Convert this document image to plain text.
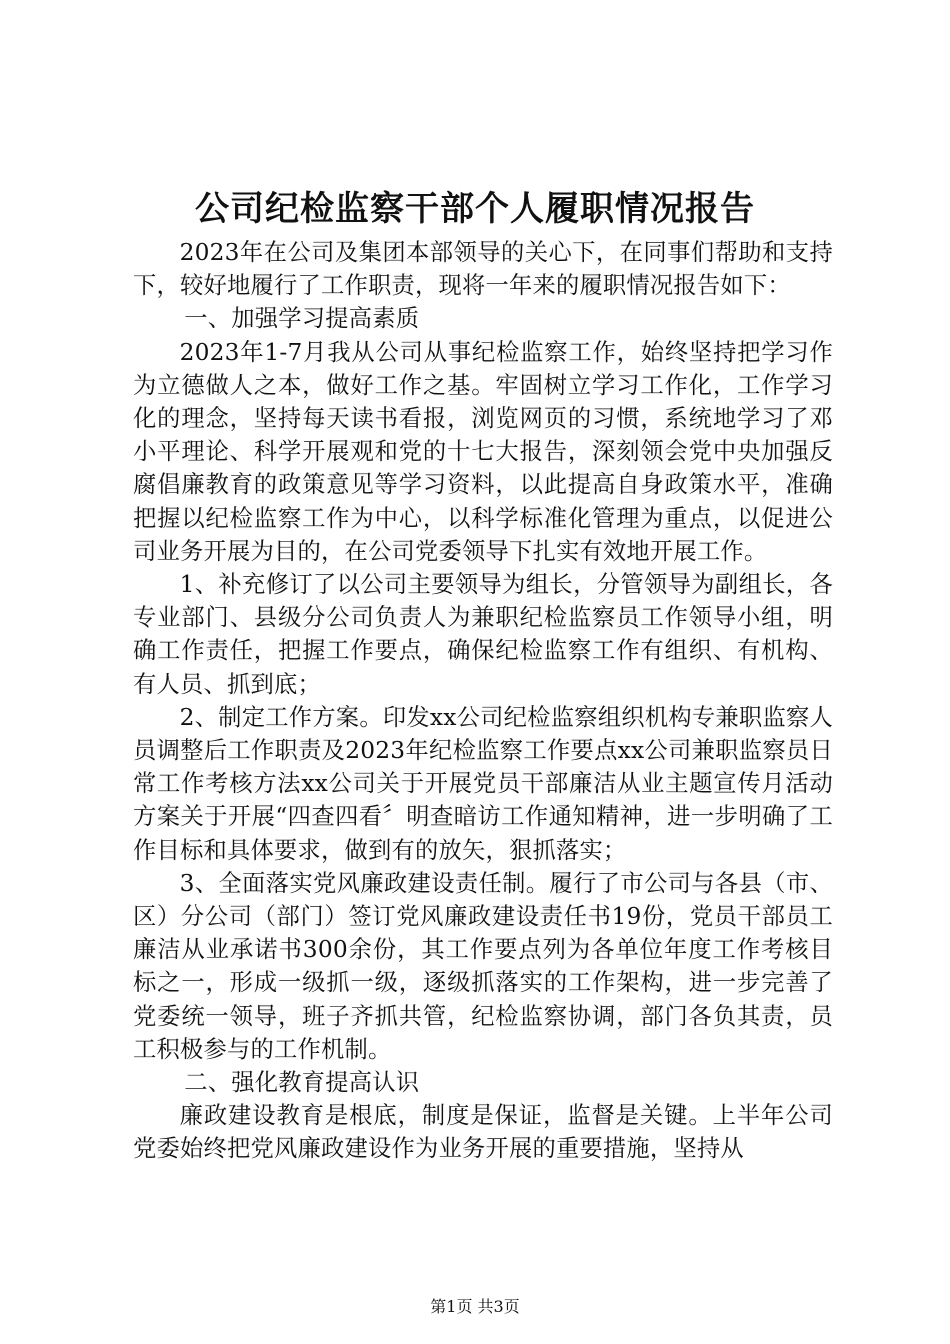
公司纪检监察干部个人履职情况报告

2023年在公司及集团本部领导的关心下，在同事们帮助和支持下，较好地履行了工作职责，现将一年来的履职情况报告如下：

一、加强学习提高素质

2023年1-7月我从公司从事纪检监察工作，始终坚持把学习作为立德做人之本，做好工作之基。牢固树立学习工作化，工作学习化的理念，坚持每天读书看报，浏览网页的习惯，系统地学习了邓小平理论、科学开展观和党的十七大报告，深刻领会党中央加强反腐倡廉教育的政策意见等学习资料，以此提高自身政策水平，准确把握以纪检监察工作为中心，以科学标准化管理为重点，以促进公司业务开展为目的，在公司党委领导下扎实有效地开展工作。

1、补充修订了以公司主要领导为组长，分管领导为副组长，各专业部门、县级分公司负责人为兼职纪检监察员工作领导小组，明确工作责任，把握工作要点，确保纪检监察工作有组织、有机构、有人员、抓到底；

2、制定工作方案。印发xx公司纪检监察组织机构专兼职监察人员调整后工作职责及2023年纪检监察工作要点xx公司兼职监察员日常工作考核方法xx公司关于开展党员干部廉洁从业主题宣传月活动方案关于开展“四查四看〞明查暗访工作通知精神，进一步明确了工作目标和具体要求，做到有的放矢，狠抓落实；

3、全面落实党风廉政建设责任制。履行了市公司与各县（市、区）分公司（部门）签订党风廉政建设责任书19份，党员干部员工廉洁从业承诺书300余份，其工作要点列为各单位年度工作考核目标之一，形成一级抓一级，逐级抓落实的工作架构，进一步完善了党委统一领导，班子齐抓共管，纪检监察协调，部门各负其责，员工积极参与的工作机制。

二、强化教育提高认识

廉政建设教育是根底，制度是保证，监督是关键。上半年公司党委始终把党风廉政建设作为业务开展的重要措施，坚持从

第1页 共3页
